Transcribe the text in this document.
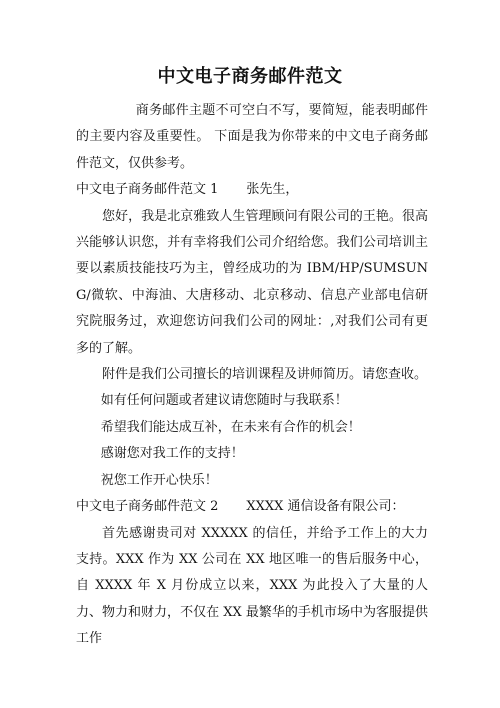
中文电子商务邮件范文

商务邮件主题不可空白不写，要简短，能表明邮件的主要内容及重要性。 下面是我为你带来的中文电子商务邮件范文，仅供参考。

中文电子商务邮件范文 1 张先生，

您好，我是北京雅致人生管理顾问有限公司的王艳。很高兴能够认识您，并有幸将我们公司介绍给您。我们公司培训主要以素质技能技巧为主，曾经成功的为 IBM/HP/SUMSUNG/微软、中海油、大唐移动、北京移动、信息产业部电信研究院服务过，欢迎您访问我们公司的网址：,对我们公司有更多的了解。

附件是我们公司擅长的培训课程及讲师简历。请您查收。

如有任何问题或者建议请您随时与我联系！

希望我们能达成互补，在未来有合作的机会！

感谢您对我工作的支持！

祝您工作开心快乐！

中文电子商务邮件范文 2 XXXX 通信设备有限公司：

首先感谢贵司对 XXXXX 的信任，并给予工作上的大力支持。XXX 作为 XX 公司在 XX 地区唯一的售后服务中心，自 XXXX 年 X 月份成立以来，XXX 为此投入了大量的人力、物力和财力，不仅在 XX 最繁华的手机市场中为客服提供工作
